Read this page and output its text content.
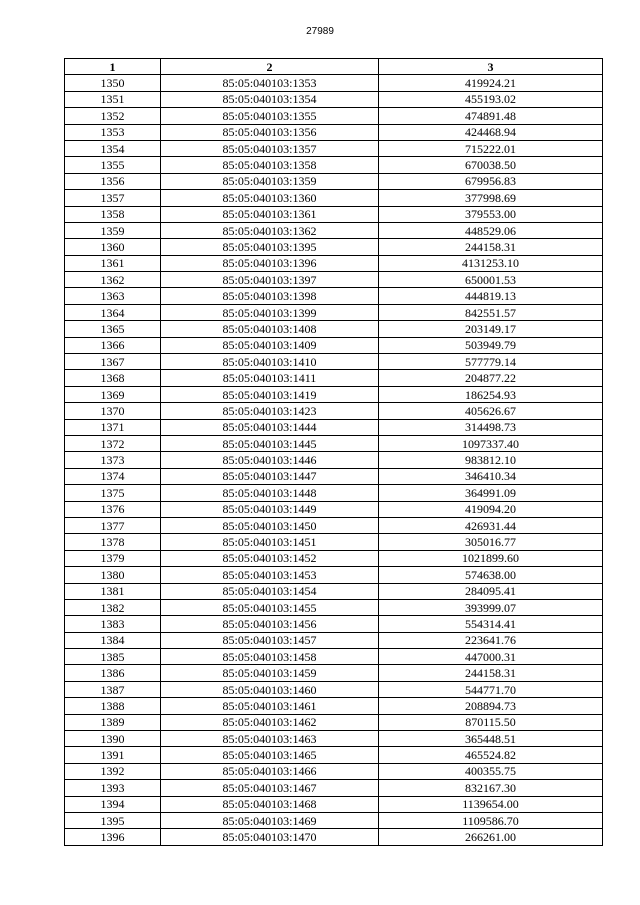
27989
1	2	3
1350	85:05:040103:1353	419924.21
1351	85:05:040103:1354	455193.02
1352	85:05:040103:1355	474891.48
1353	85:05:040103:1356	424468.94
1354	85:05:040103:1357	715222.01
1355	85:05:040103:1358	670038.50
1356	85:05:040103:1359	679956.83
1357	85:05:040103:1360	377998.69
1358	85:05:040103:1361	379553.00
1359	85:05:040103:1362	448529.06
1360	85:05:040103:1395	244158.31
1361	85:05:040103:1396	4131253.10
1362	85:05:040103:1397	650001.53
1363	85:05:040103:1398	444819.13
1364	85:05:040103:1399	842551.57
1365	85:05:040103:1408	203149.17
1366	85:05:040103:1409	503949.79
1367	85:05:040103:1410	577779.14
1368	85:05:040103:1411	204877.22
1369	85:05:040103:1419	186254.93
1370	85:05:040103:1423	405626.67
1371	85:05:040103:1444	314498.73
1372	85:05:040103:1445	1097337.40
1373	85:05:040103:1446	983812.10
1374	85:05:040103:1447	346410.34
1375	85:05:040103:1448	364991.09
1376	85:05:040103:1449	419094.20
1377	85:05:040103:1450	426931.44
1378	85:05:040103:1451	305016.77
1379	85:05:040103:1452	1021899.60
1380	85:05:040103:1453	574638.00
1381	85:05:040103:1454	284095.41
1382	85:05:040103:1455	393999.07
1383	85:05:040103:1456	554314.41
1384	85:05:040103:1457	223641.76
1385	85:05:040103:1458	447000.31
1386	85:05:040103:1459	244158.31
1387	85:05:040103:1460	544771.70
1388	85:05:040103:1461	208894.73
1389	85:05:040103:1462	870115.50
1390	85:05:040103:1463	365448.51
1391	85:05:040103:1465	465524.82
1392	85:05:040103:1466	400355.75
1393	85:05:040103:1467	832167.30
1394	85:05:040103:1468	1139654.00
1395	85:05:040103:1469	1109586.70
1396	85:05:040103:1470	266261.00
